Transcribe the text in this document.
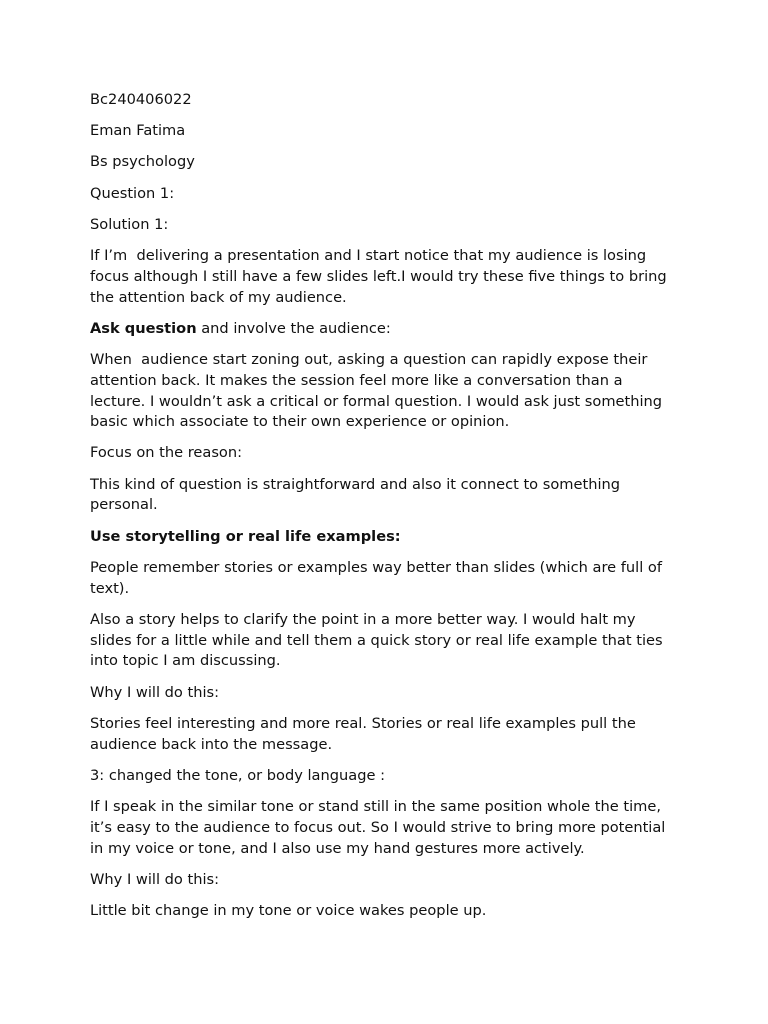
Bc240406022

Eman Fatima

Bs psychology

Question 1:

Solution 1:

If I’m  delivering a presentation and I start notice that my audience is losing focus although I still have a few slides left.I would try these five things to bring the attention back of my audience.

Ask question and involve the audience:

When  audience start zoning out, asking a question can rapidly expose their attention back. It makes the session feel more like a conversation than a lecture. I wouldn’t ask a critical or formal question. I would ask just something basic which associate to their own experience or opinion.

Focus on the reason:

This kind of question is straightforward and also it connect to something personal.

Use storytelling or real life examples:

People remember stories or examples way better than slides (which are full of text).

Also a story helps to clarify the point in a more better way. I would halt my slides for a little while and tell them a quick story or real life example that ties into topic I am discussing.

Why I will do this:

Stories feel interesting and more real. Stories or real life examples pull the audience back into the message.

3: changed the tone, or body language :

If I speak in the similar tone or stand still in the same position whole the time, it’s easy to the audience to focus out. So I would strive to bring more potential in my voice or tone, and I also use my hand gestures more actively.

Why I will do this:

Little bit change in my tone or voice wakes people up.
